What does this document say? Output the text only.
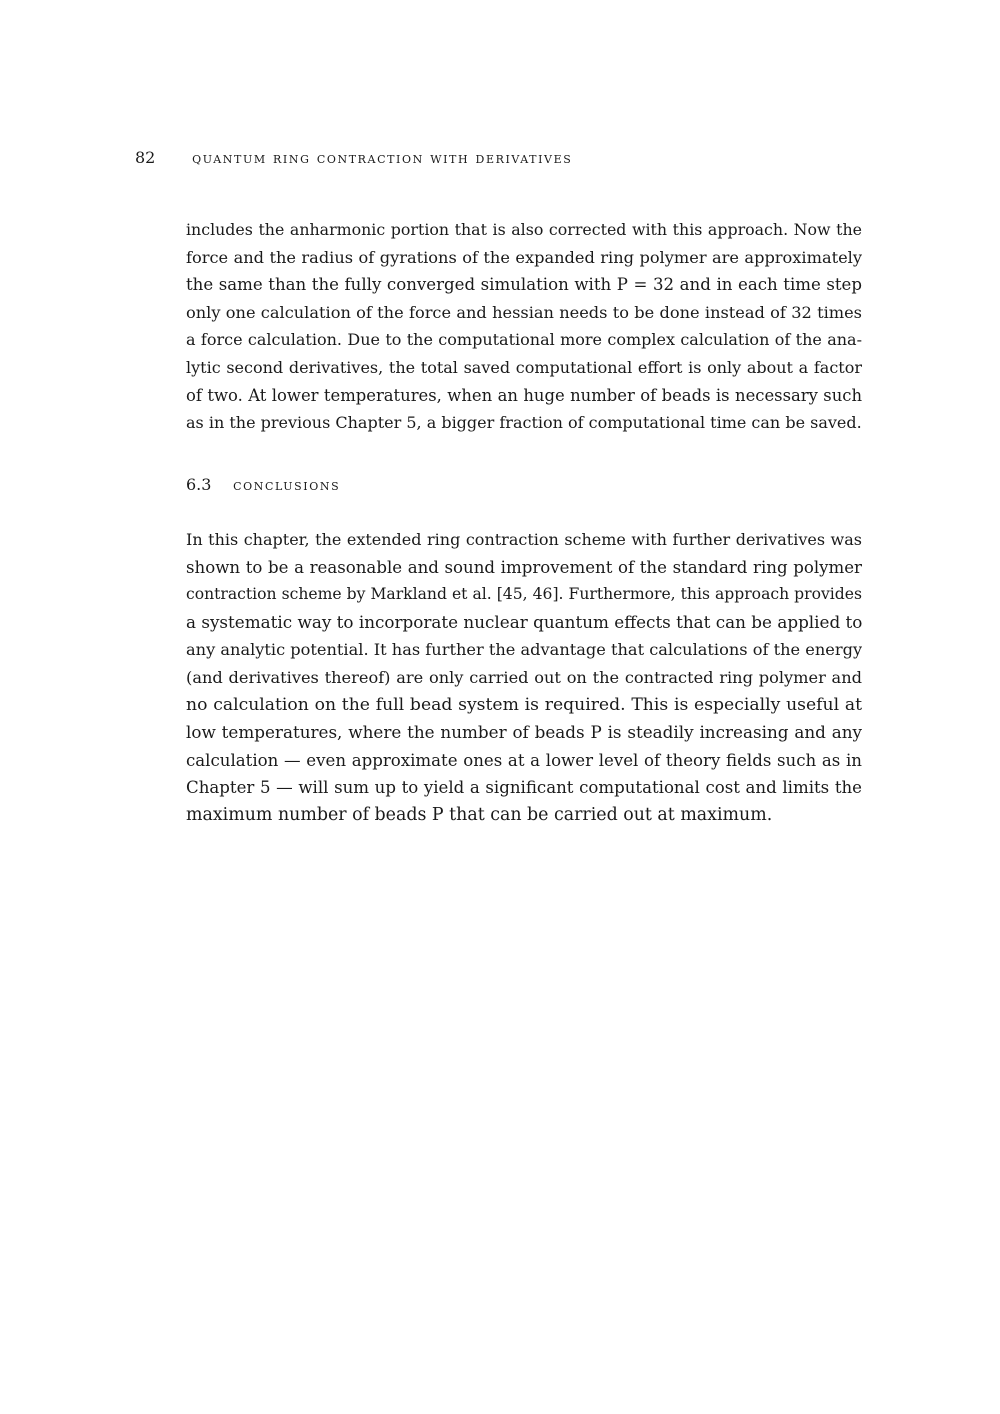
82 quantum ring contraction with derivatives

includes the anharmonic portion that is also corrected with this approach. Now the
force and the radius of gyrations of the expanded ring polymer are approximately
the same than the fully converged simulation with P = 32 and in each time step
only one calculation of the force and hessian needs to be done instead of 32 times
a force calculation. Due to the computational more complex calculation of the ana-
lytic second derivatives, the total saved computational effort is only about a factor
of two. At lower temperatures, when an huge number of beads is necessary such
as in the previous Chapter 5, a bigger fraction of computational time can be saved.

6.3 conclusions

In this chapter, the extended ring contraction scheme with further derivatives was
shown to be a reasonable and sound improvement of the standard ring polymer
contraction scheme by Markland et al. [45, 46]. Furthermore, this approach provides
a systematic way to incorporate nuclear quantum effects that can be applied to
any analytic potential. It has further the advantage that calculations of the energy
(and derivatives thereof) are only carried out on the contracted ring polymer and
no calculation on the full bead system is required. This is especially useful at
low temperatures, where the number of beads P is steadily increasing and any
calculation — even approximate ones at a lower level of theory fields such as in
Chapter 5 — will sum up to yield a significant computational cost and limits the
maximum number of beads P that can be carried out at maximum.
